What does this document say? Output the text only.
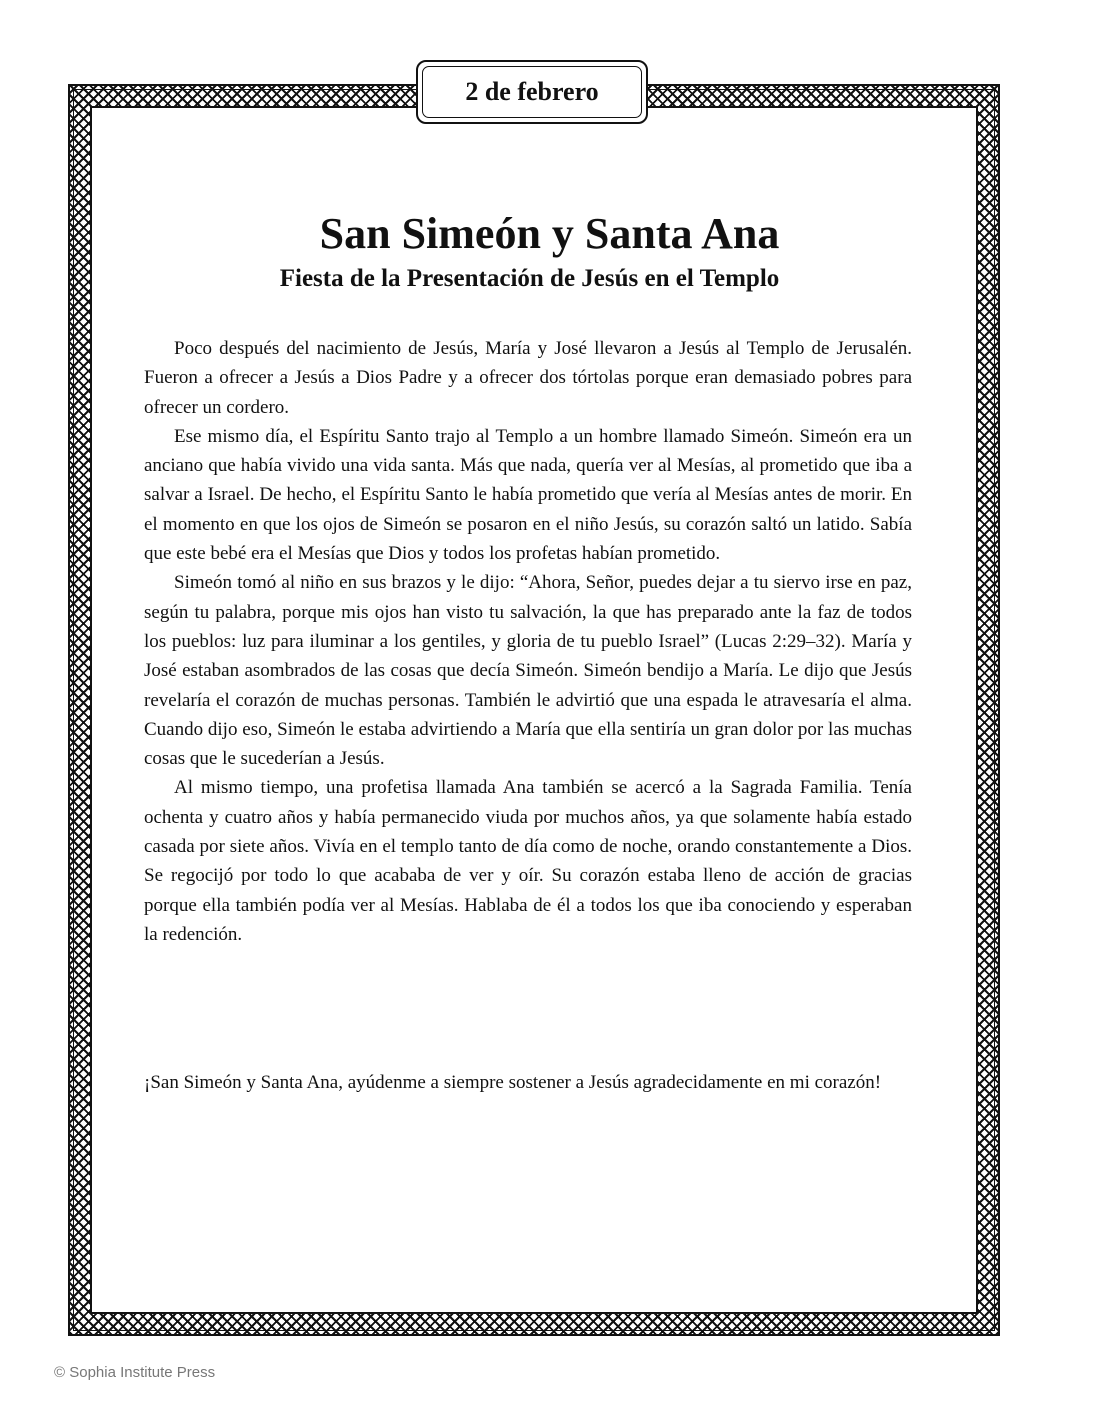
2 de febrero
San Simeón y Santa Ana
Fiesta de la Presentación de Jesús en el Templo

Poco después del nacimiento de Jesús, María y José llevaron a Jesús al Templo de Jerusalén. Fueron a ofrecer a Jesús a Dios Padre y a ofrecer dos tórtolas porque eran demasiado pobres para ofrecer un cordero.

Ese mismo día, el Espíritu Santo trajo al Templo a un hombre llamado Simeón. Simeón era un anciano que había vivido una vida santa. Más que nada, quería ver al Mesías, al prometido que iba a salvar a Israel. De hecho, el Espíritu Santo le había prometido que vería al Mesías antes de morir. En el momento en que los ojos de Simeón se posaron en el niño Jesús, su corazón saltó un latido. Sabía que este bebé era el Mesías que Dios y todos los profetas habían prometido.

Simeón tomó al niño en sus brazos y le dijo: “Ahora, Señor, puedes dejar a tu siervo irse en paz, según tu palabra, porque mis ojos han visto tu salvación, la que has preparado ante la faz de todos los pueblos: luz para iluminar a los gentiles, y gloria de tu pueblo Israel” (Lucas 2:29–32). María y José estaban asombrados de las cosas que decía Simeón. Simeón bendijo a María. Le dijo que Jesús revelaría el corazón de muchas personas. También le advirtió que una espada le atravesaría el alma. Cuando dijo eso, Simeón le estaba advirtiendo a María que ella sentiría un gran dolor por las muchas cosas que le sucederían a Jesús.

Al mismo tiempo, una profetisa llamada Ana también se acercó a la Sagrada Familia. Tenía ochenta y cuatro años y había permanecido viuda por muchos años, ya que solamente había estado casada por siete años. Vivía en el templo tanto de día como de noche, orando constantemente a Dios. Se regocijó por todo lo que acababa de ver y oír. Su corazón estaba lleno de acción de gracias porque ella también podía ver al Mesías. Hablaba de él a todos los que iba conociendo y esperaban la redención.

¡San Simeón y Santa Ana, ayúdenme a siempre sostener a Jesús agradecidamente en mi corazón!

© Sophia Institute Press
